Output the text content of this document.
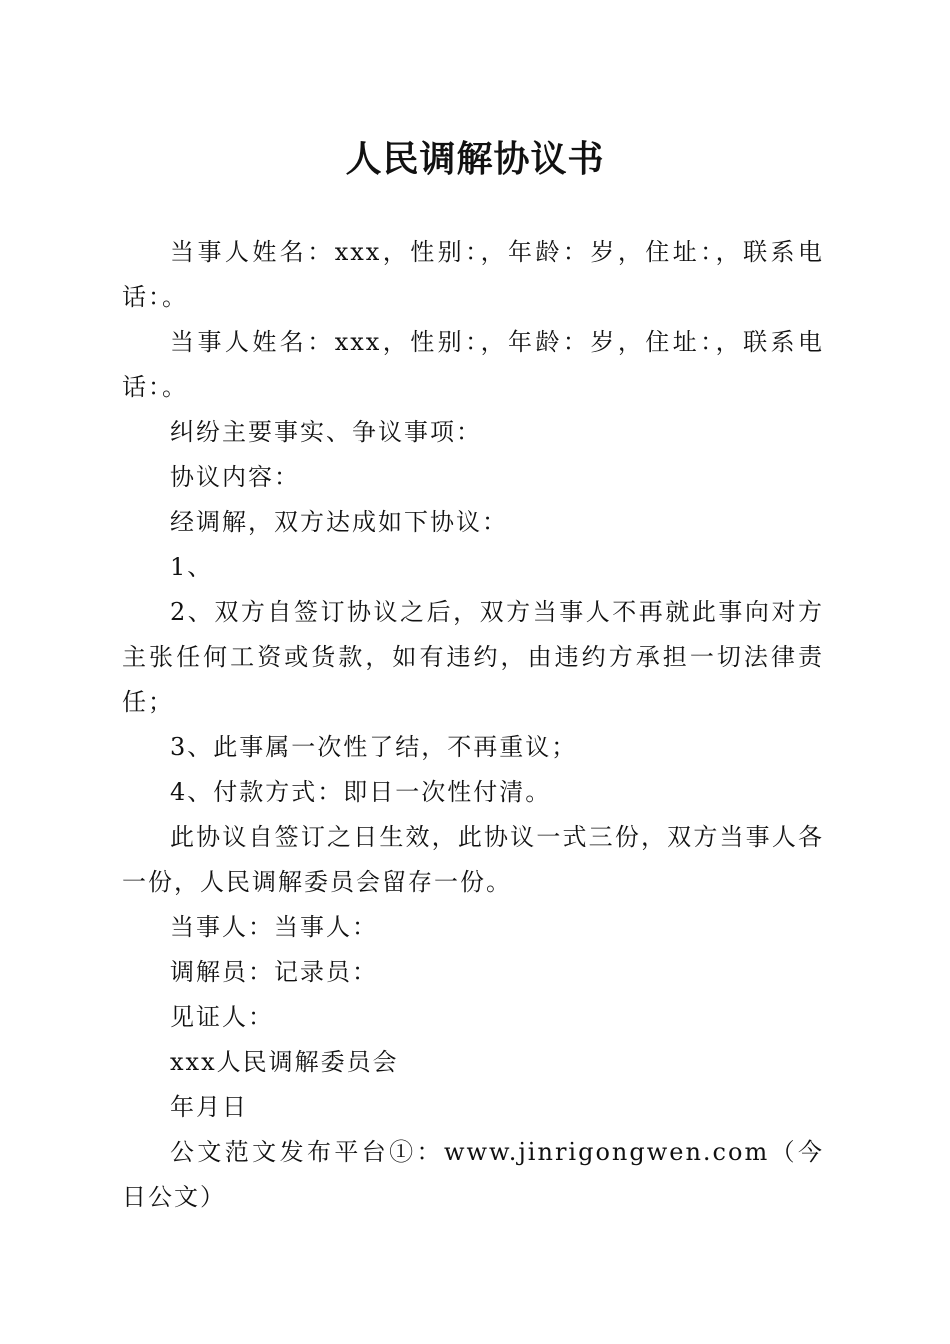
人民调解协议书

当事人姓名：xxx，性别：，年龄：岁，住址：，联系电话：。

当事人姓名：xxx，性别：，年龄：岁，住址：，联系电话：。

纠纷主要事实、争议事项：

协议内容：

经调解，双方达成如下协议：

1、

2、双方自签订协议之后，双方当事人不再就此事向对方主张任何工资或货款，如有违约，由违约方承担一切法律责任；

3、此事属一次性了结，不再重议；

4、付款方式：即日一次性付清。

此协议自签订之日生效，此协议一式三份，双方当事人各一份，人民调解委员会留存一份。

当事人：当事人：

调解员：记录员：

见证人：

xxx人民调解委员会

年月日

公文范文发布平台①：www.jinrigongwen.com（今日公文）
